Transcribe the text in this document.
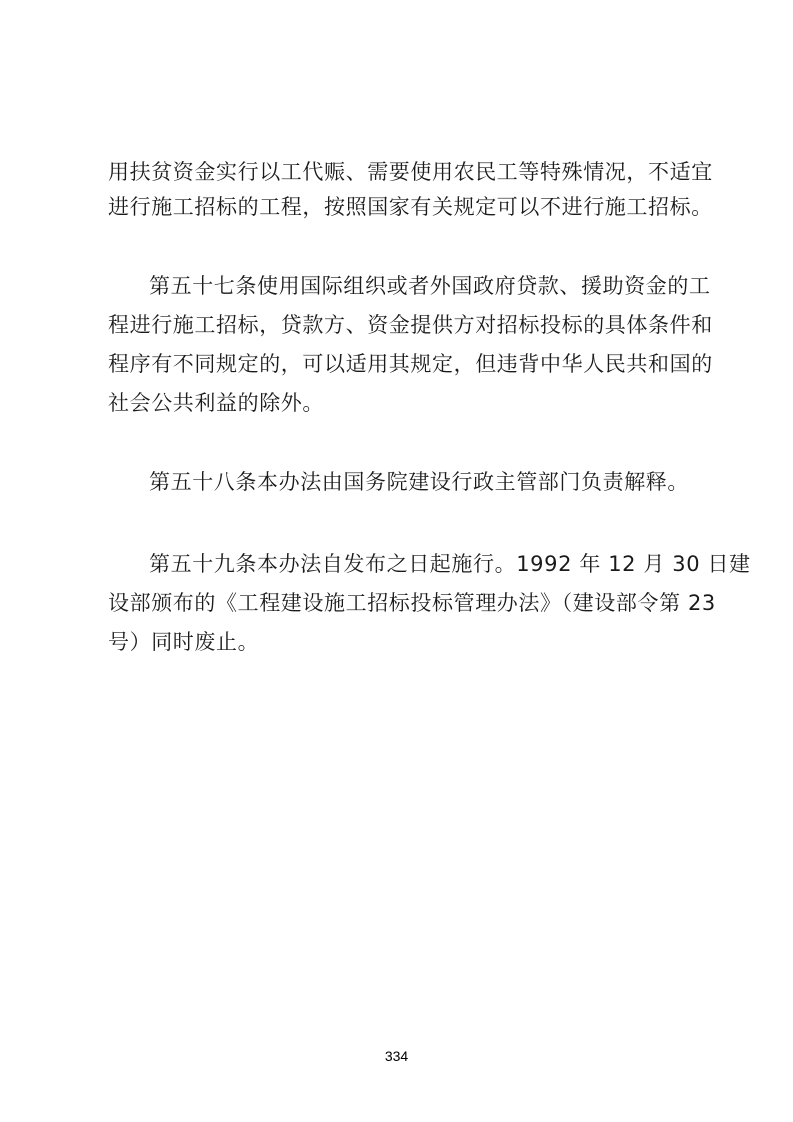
用扶贫资金实行以工代赈、需要使用农民工等特殊情况，不适宜
进行施工招标的工程，按照国家有关规定可以不进行施工招标。
第五十七条使用国际组织或者外国政府贷款、援助资金的工
程进行施工招标，贷款方、资金提供方对招标投标的具体条件和
程序有不同规定的，可以适用其规定，但违背中华人民共和国的
社会公共利益的除外。
第五十八条本办法由国务院建设行政主管部门负责解释。
第五十九条本办法自发布之日起施行。1992 年 12 月 30 日建
设部颁布的《工程建设施工招标投标管理办法》（建设部令第 23
号）同时废止。
334
